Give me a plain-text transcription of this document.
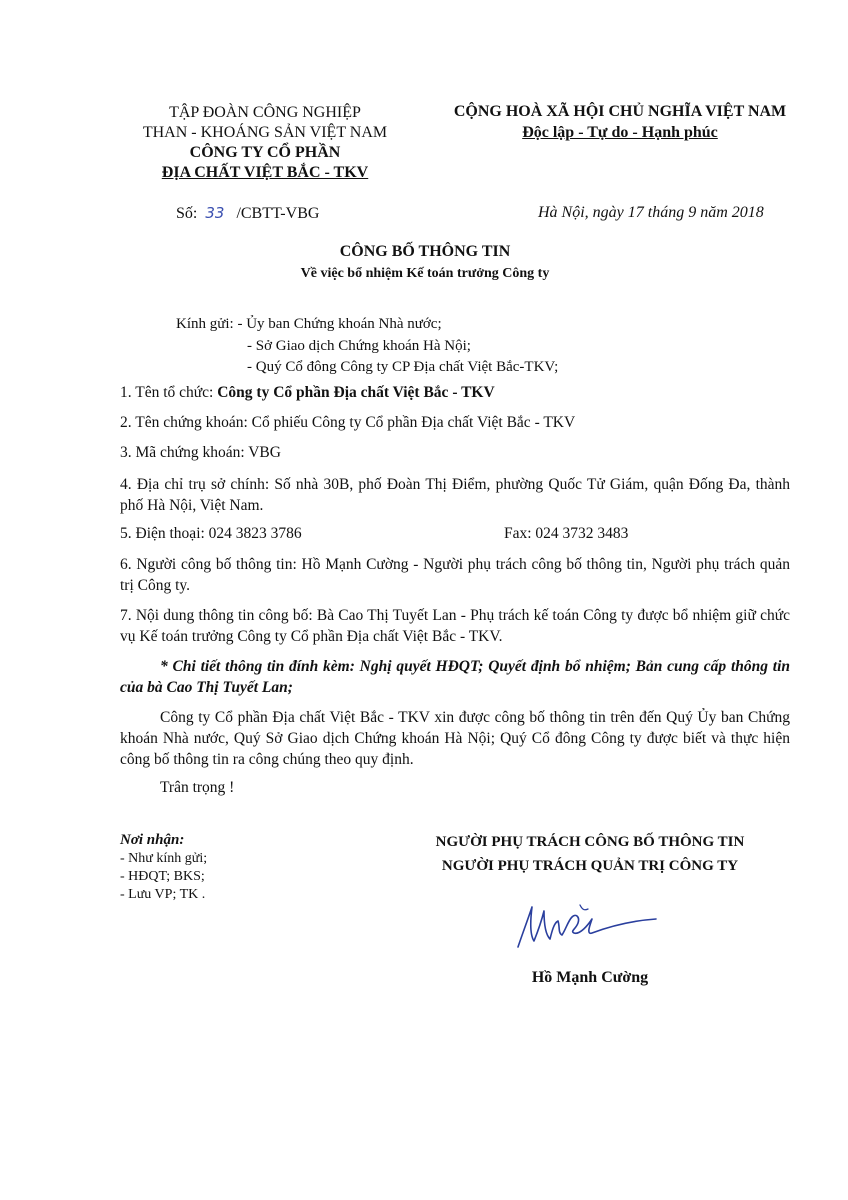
TẬP ĐOÀN CÔNG NGHIỆP
THAN - KHOÁNG SẢN VIỆT NAM
CÔNG TY CỔ PHẦN
ĐỊA CHẤT VIỆT BẮC - TKV
CỘNG HOÀ XÃ HỘI CHỦ NGHĨA VIỆT NAM
Độc lập - Tự do - Hạnh phúc
Số: 33 /CBTT-VBG	Hà Nội, ngày 17 tháng 9 năm 2018
CÔNG BỐ THÔNG TIN
Về việc bổ nhiệm Kế toán trưởng Công ty
Kính gửi: - Ủy ban Chứng khoán Nhà nước;
- Sở Giao dịch Chứng khoán Hà Nội;
- Quý Cổ đông Công ty CP Địa chất Việt Bắc-TKV;
1. Tên tổ chức: Công ty Cổ phần Địa chất Việt Bắc - TKV
2. Tên chứng khoán: Cổ phiếu Công ty Cổ phần Địa chất Việt Bắc - TKV
3. Mã chứng khoán: VBG
4. Địa chỉ trụ sở chính: Số nhà 30B, phố Đoàn Thị Điểm, phường Quốc Tử Giám, quận Đống Đa, thành phố Hà Nội, Việt Nam.
5. Điện thoại: 024 3823 3786	Fax: 024 3732 3483
6. Người công bố thông tin: Hồ Mạnh Cường - Người phụ trách công bố thông tin, Người phụ trách quản trị Công ty.
7. Nội dung thông tin công bố: Bà Cao Thị Tuyết Lan - Phụ trách kế toán Công ty được bổ nhiệm giữ chức vụ Kế toán trưởng Công ty Cổ phần Địa chất Việt Bắc - TKV.
* Chi tiết thông tin đính kèm: Nghị quyết HĐQT; Quyết định bổ nhiệm; Bản cung cấp thông tin của bà Cao Thị Tuyết Lan;
Công ty Cổ phần Địa chất Việt Bắc - TKV xin được công bố thông tin trên đến Quý Ủy ban Chứng khoán Nhà nước, Quý Sở Giao dịch Chứng khoán Hà Nội; Quý Cổ đông Công ty được biết và thực hiện công bố thông tin ra công chúng theo quy định.
Trân trọng !
Nơi nhận:
- Như kính gửi;
- HĐQT; BKS;
- Lưu VP; TK .
NGƯỜI PHỤ TRÁCH CÔNG BỐ THÔNG TIN
NGƯỜI PHỤ TRÁCH QUẢN TRỊ CÔNG TY
Hồ Mạnh Cường
